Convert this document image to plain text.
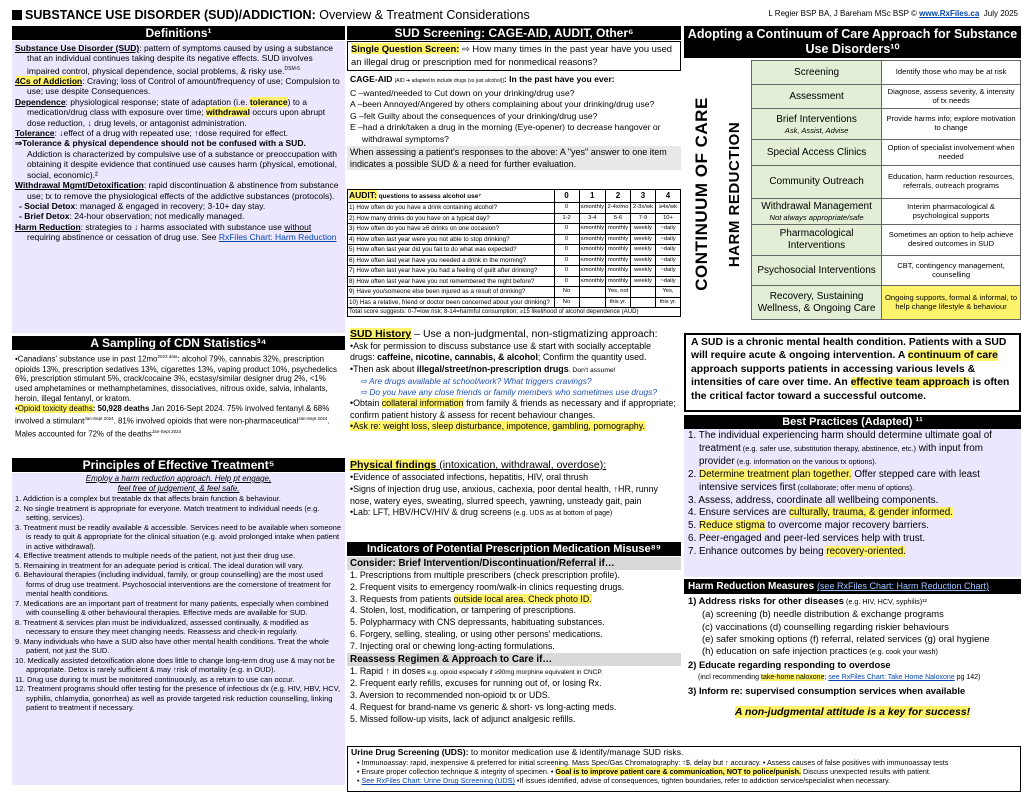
SUBSTANCE USE DISORDER (SUD)/ADDICTION: Overview & Treatment Considerations	L Regier BSP BA, J Bareham MSc BSP © www.RxFiles.ca July 2025
Definitions¹
Substance Use Disorder (SUD): pattern of symptoms caused by using a substance that an individual continues taking despite its negative effects. SUD involves impaired control, physical dependence, social problems, & risky use.$^{DSM-5}$
4Cs of Addiction: Craving; loss of Control of amount/frequency of use; Compulsion to use; use despite Consequences.
Dependence: physiological response; state of adaptation (i.e. tolerance) to a medication/drug class with exposure over time; withdrawal occurs upon abrupt dose reduction, ↓ drug levels, or antagonist administration.
Tolerance: ↓effect of a drug with repeated use; ↑dose required for effect.
⇒Tolerance & physical dependence should not be confused with a SUD. Addiction is characterized by compulsive use of a substance or preoccupation with obtaining it despite evidence that continued use causes harm (physical, emotional, social, economic).²
Withdrawal Mgmt/Detoxification: rapid discontinuation & abstinence from substance use; tx to remove the physiological effects of the addictive substances (protocols).
- Social Detox: managed & engaged in recovery; 3-10+ day stay.
- Brief Detox: 24-hour observation; not medically managed.
Harm Reduction: strategies to ↓ harms associated with substance use without requiring abstinence or cessation of drug use. See RxFiles Chart: Harm Reduction
A Sampling of CDN Statistics³⁴
•Canadians' substance use in past $12mo^{2023 data}$: alcohol 79%, cannabis 32%, prescription opioids 13%, prescription sedatives 13%, cigarettes 13%, vaping product 10%, psychedelics 6%, prescription stimulant 5%, crack/cocaine 3%, ecstasy/similar designer drug 2%, <1% used amphetamines or methamphetamines, dissociatives, nitrous oxide, salvia, inhalants, heroin, illegal fentanyl, or kratom.
•Opioid toxicity deaths: 50,928 deaths Jan 2016-Sept 2024. 75% involved fentanyl & 68% involved a stimulant$^{Jan-Sept 2024}$. 81% involved opioids that were non-pharmaceutical$^{Jan-Sept 2024}$. Males accounted for 72% of the deaths$^{Jan-Sept 2024}$
Principles of Effective Treatment⁵
Employ a harm reduction approach. Help pt engage,
feel free of judgement, & feel safe.
1. Addiction is a complex but treatable dx that affects brain function & behaviour.
2. No single treatment is appropriate for everyone. Match treatment to individual needs (e.g. setting, services).
3. Treatment must be readily available & accessible. Services need to be available when someone is ready to quit & appropriate for the clinical situation (e.g. avoid prolonged intake when patient in active withdrawal).
4. Effective treatment attends to multiple needs of the patient, not just their drug use.
5. Remaining in treatment for an adequate period is critical. The ideal duration will vary.
6. Behavioural therapies (including individual, family, or group counselling) are the most used forms of drug use treatment. Psychosocial interventions are the cornerstone of treatment for mental health conditions.
7. Medications are an important part of treatment for many patients, especially when combined with counselling & other behavioural therapies. Effective meds are available for SUD.
8. Treatment & services plan must be individualized, assessed continually, & modified as necessary to ensure they meet changing needs. Reassess and check-in regularly.
9. Many individuals who have a SUD also have other mental health conditions. Treat the whole patient, not just the SUD.
10. Medically assisted detoxification alone does little to change long-term drug use & may not be appropriate. Detox is rarely sufficient & may ↑risk of mortality (e.g. in OUD).
11. Drug use during tx must be monitored continuously, as a return to use can occur.
12. Treatment programs should offer testing for the presence of infectious dx (e.g. HIV, HBV, HCV, syphilis, chlamydia, gonorrhea) as well as provide targeted risk reduction counselling, linking patient to treatment if necessary.
SUD Screening: CAGE-AID, AUDIT, Other⁶
Single Question Screen: ⇨ How many times in the past year have you used an illegal drug or prescription med for nonmedical reasons?
CAGE-AID [AID ➔ adapted to include drugs (vs just alcohol)]: In the past have you ever:
C –wanted/needed to Cut down on your drinking/drug use?
A –been Annoyed/Angered by others complaining about your drinking/drug use?
G –felt Guilty about the consequences of your drinking/drug use?
E –had a drink/taken a drug in the morning (Eye-opener) to decrease hangover or withdrawal symptoms?
When assessing a patient's responses to the above: A "yes" answer to one item indicates a possible SUD & a need for further evaluation.
AUDIT: questions to assess alcohol use⁷	0	1	2	3	4
1) How often do you have a drink containing alcohol?	0	≤monthly	2-4x/mo	2-3x/wk	≥4x/wk
2) How many drinks do you have on a typical day?	1-2	3-4	5-6	7-9	10+
3) How often do you have ≥6 drinks on one occasion?	0	≤monthly	monthly	weekly	~daily
4) How often last year were you not able to stop drinking?	0	≤monthly	monthly	weekly	~daily
5) How often last year did you fail to do what was expected?	0	≤monthly	monthly	weekly	~daily
6) How often last year have you needed a drink in the morning?	0	≤monthly	monthly	weekly	~daily
7) How often last year have you had a feeling of guilt after drinking?	0	≤monthly	monthly	weekly	~daily
8) How often last year have you not remembered the night before?	0	≤monthly	monthly	weekly	~daily
9) Have you/someone else been injured as a result of drinking?	No		Yes, not		Yes,
10) Has a relative, friend or doctor been concerned about your drinking?	No		this yr.		this yr.
Total score suggests: 0-7=low risk; 8-14=harmful consumption; ≥15 likelihood of alcohol dependence (AUD)					
SUD History – Use a non-judgmental, non-stigmatizing approach:
•Ask for permission to discuss substance use & start with socially acceptable drugs: caffeine, nicotine, cannabis, & alcohol; Confirm the quantity used.
•Then ask about illegal/street/non-prescription drugs. Don't assume!
⇨ Are drugs available at school/work? What triggers cravings?
⇨ Do you have any close friends or family members who sometimes use drugs?
•Obtain collateral information from family & friends as necessary and if appropriate; confirm patient history & assess for recent behaviour changes.
•Ask re: weight loss, sleep disturbance, impotence, gambling, pornography.
Physical findings (intoxication, withdrawal, overdose):
•Evidence of associated infections, hepatitis, HIV, oral thrush
•Signs of injection drug use, anxious, cachexia, poor dental health, ↑HR, runny nose, watery eyes, sweating, slurred speech, yawning, unsteady gait, pain
•Lab: LFT, HBV/HCV/HIV & drug screens (e.g. UDS as at bottom of page)
Indicators of Potential Prescription Medication Misuse⁸⁹
Consider: Brief Intervention/Discontinuation/Referral if…
1. Prescriptions from multiple prescribers (check prescription profile).
2. Frequent visits to emergency room/walk-in clinics requesting drugs.
3. Requests from patients outside local area. Check photo ID.
4. Stolen, lost, modification, or tampering of prescriptions.
5. Polypharmacy with CNS depressants, habituating substances.
6. Forgery, selling, stealing, or using other persons' medications.
7. Injecting oral or chewing long-acting formulations.
Reassess Regimen & Approach to Care if…
1. Rapid ↑ in doses e.g. opioid especially if ≥90mg morphine equivalent in CNCP.
2. Frequent early refills, excuses for running out of, or losing Rx.
3. Aversion to recommended non-opioid tx or UDS.
4. Request for brand-name vs generic & short- vs long-acting meds.
5. Missed follow-up visits, lack of adjunct analgesic refills.
Adopting a Continuum of Care Approach for Substance Use Disorders¹⁰
CONTINUUM OF CARE HARM REDUCTION
Screening	Identify those who may be at risk

Assessment	Diagnose, assess severity, & intensity of tx needs

Brief Interventions
Ask, Assist, Advise	Provide harms info; explore motivation to change

Special Access Clinics	Option of specialist involvement when needed

Community Outreach	Education, harm reduction resources, referrals, outreach programs

Withdrawal Management
Not always appropriate/safe	Interim pharmacological & psychological supports

Pharmacological Interventions	Sometimes an option to help achieve desired outcomes in SUD

Psychosocial Interventions	CBT, contingency management, counselling

Recovery, Sustaining Wellness, & Ongoing Care	Ongoing supports, formal & informal, to help change lifestyle & behaviour
A SUD is a chronic mental health condition. Patients with a SUD will require acute & ongoing intervention. A continuum of care approach supports patients in accessing various levels & intensities of care over time. An effective team approach is often the critical factor toward a successful outcome.
Best Practices (Adapted) ¹¹
1. The individual experiencing harm should determine ultimate goal of treatment (e.g. safer use, substitution therapy, abstinence, etc.) with input from provider (e.g. information on the various tx options).
2. Determine treatment plan together. Offer stepped care with least intensive services first (collaborate; offer menu of options).
3. Assess, address, coordinate all wellbeing components.
4. Ensure services are culturally, trauma, & gender informed.
5. Reduce stigma to overcome major recovery barriers.
6. Peer-engaged and peer-led services help with trust.
7. Enhance outcomes by being recovery-oriented.
Harm Reduction Measures (see RxFiles Chart: Harm Reduction Chart)
1) Address risks for other diseases (e.g. HIV, HCV, syphilis)¹²
(a) screening (b) needle distribution & exchange programs
(c) vaccinations (d) counselling regarding riskier behaviours
(e) safer smoking options (f) referral, related services (g) oral hygiene
(h) education on safe injection practices (e.g. cook your wash)
2) Educate regarding responding to overdose
(incl recommending take-home naloxone; see RxFiles Chart: Take Home Naloxone pg 142)
3) Inform re: supervised consumption services when available
A non-judgmental attitude is a key for success!
Urine Drug Screening (UDS): to monitor medication use & identify/manage SUD risks.
• Immunoassay: rapid, inexpensive & preferred for initial screening. Mass Spec/Gas Chromatography: ↑$, delay but ↑ accuracy. • Assess causes of false positives with immunoassay tests
• Ensure proper collection technique & integrity of specimen. • Goal is to improve patient care & communication, NOT to police/punish. Discuss unexpected results with patient.
• See RxFiles Chart: Urine Drug Screening (UDS) •If issues identified, advise of consequences, tighten boundaries, refer to addiction service/specialist when necessary.
